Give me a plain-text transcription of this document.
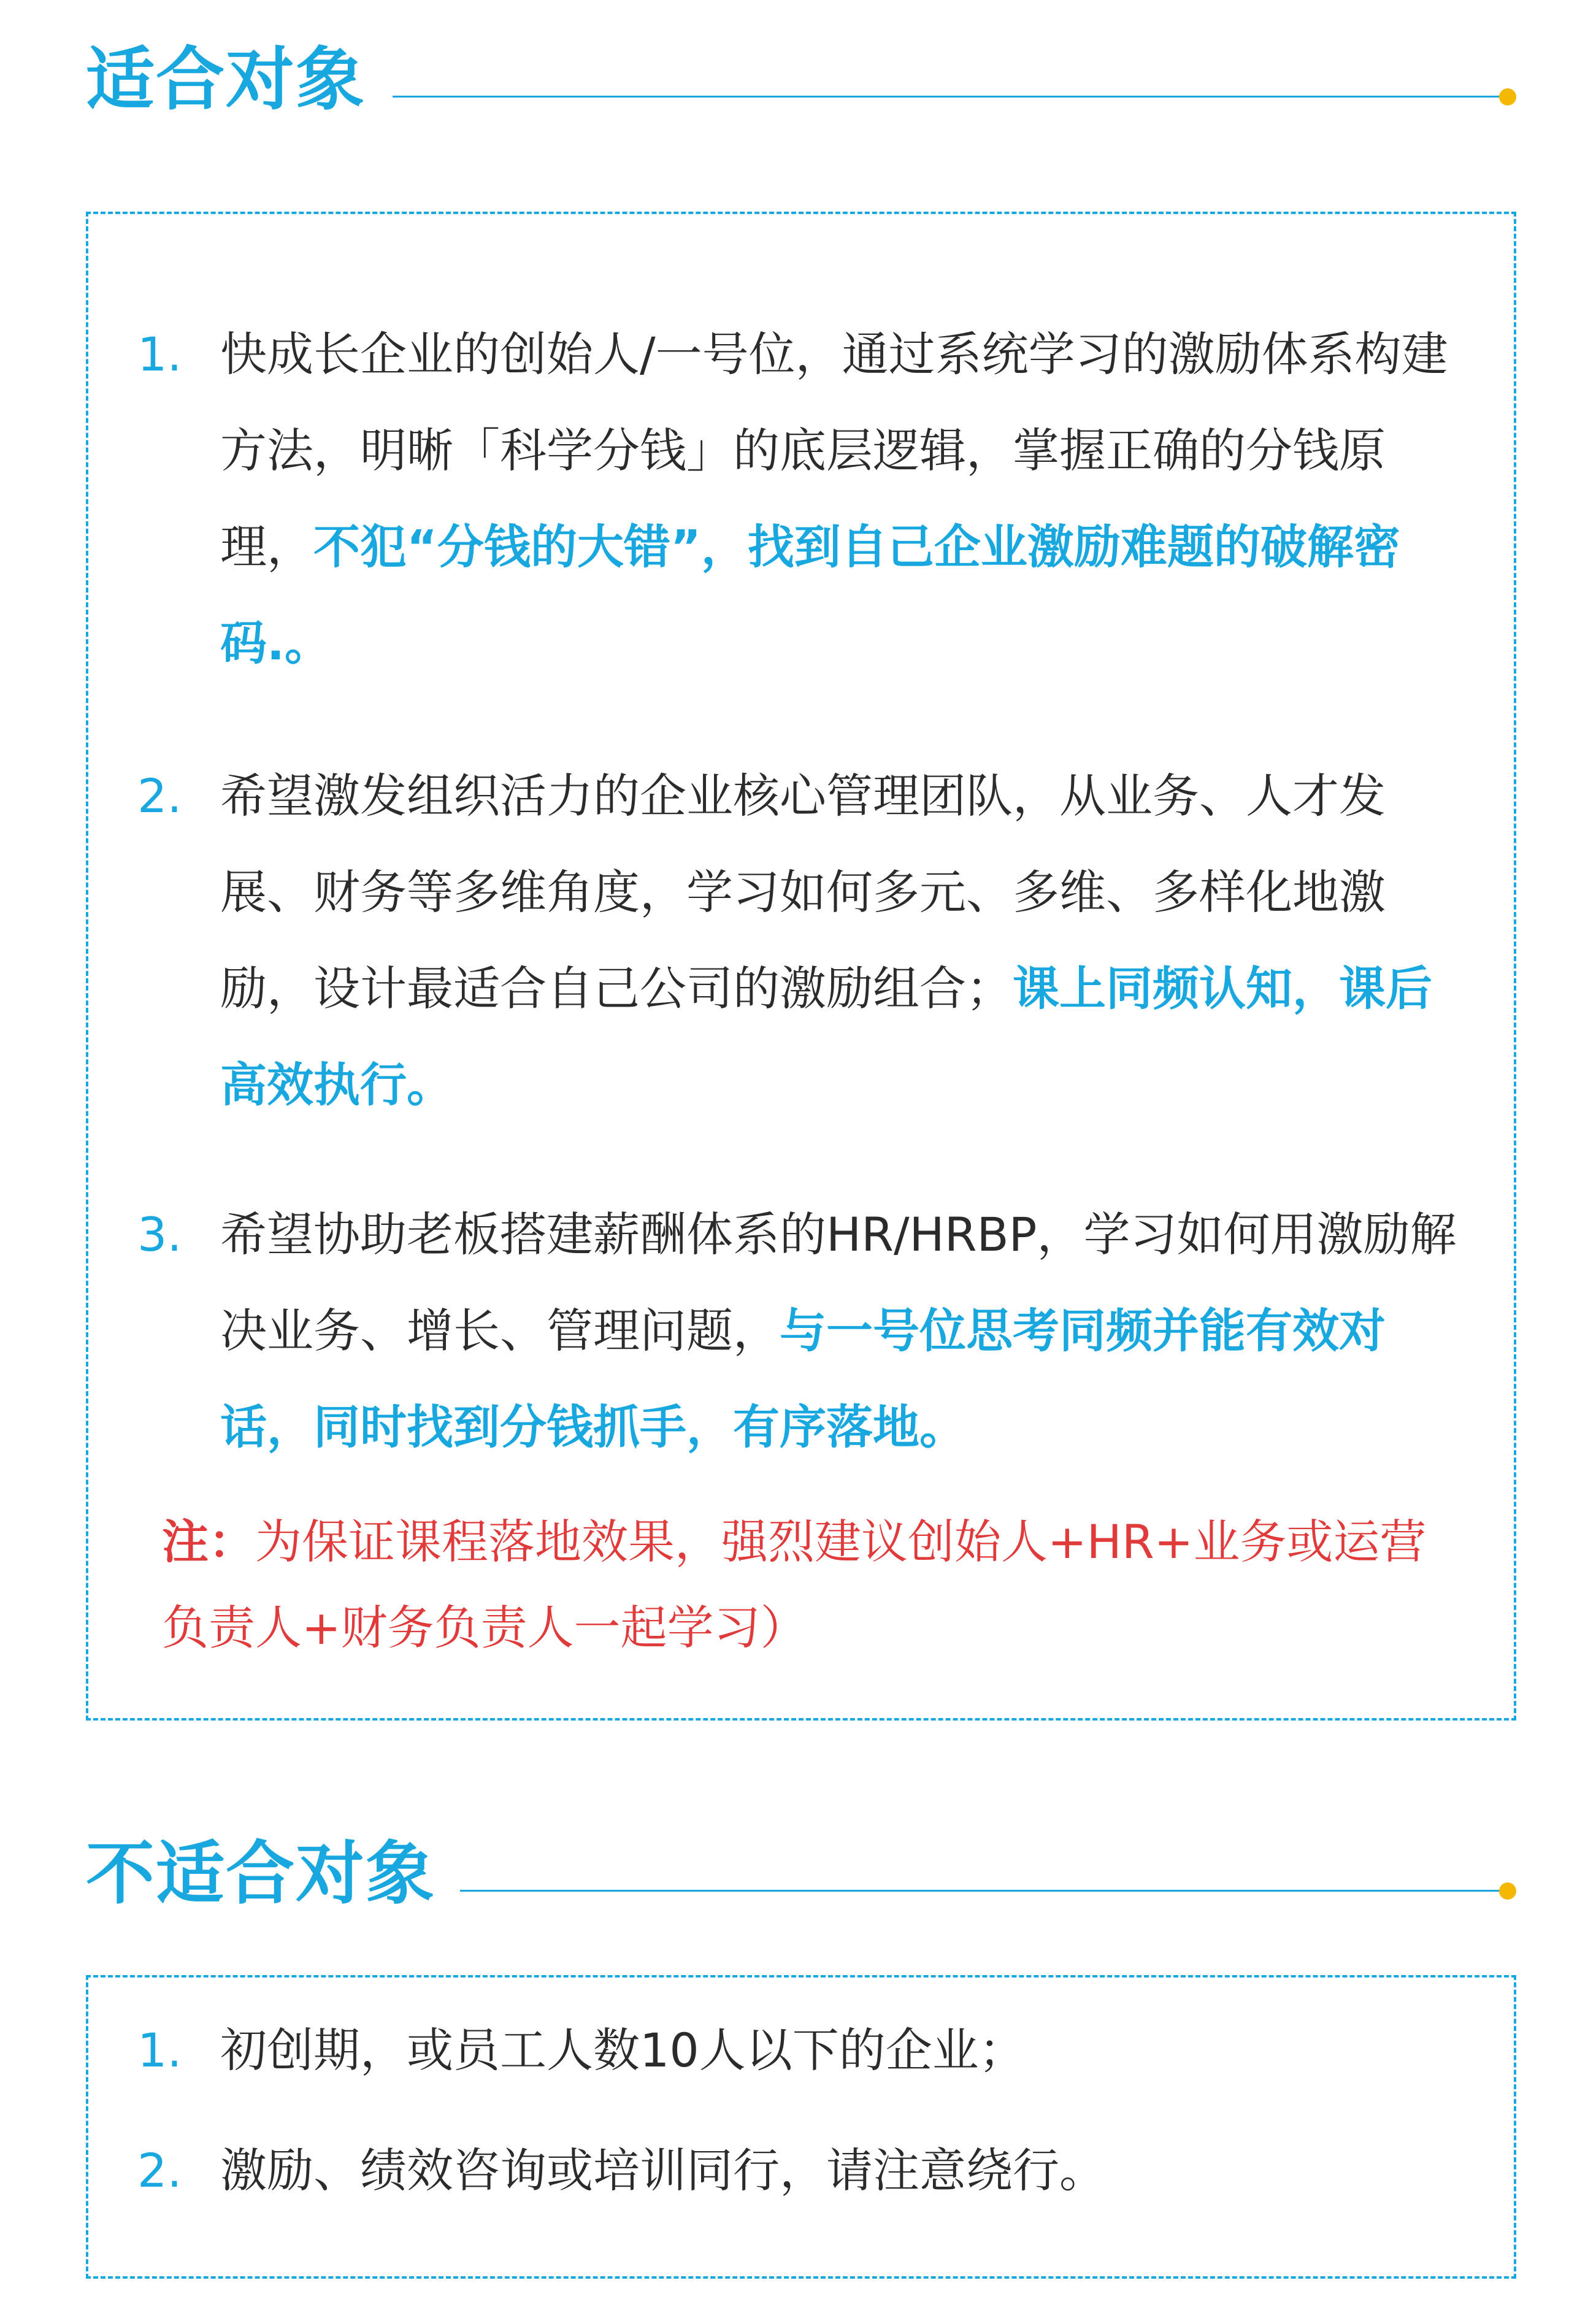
适合对象
1. 快成长企业的创始人/一号位，通过系统学习的激励体系构建方法，明晰「科学分钱」的底层逻辑，掌握正确的分钱原理，不犯“分钱的大错”，找到自己企业激励难题的破解密码.。
2. 希望激发组织活力的企业核心管理团队，从业务、人才发展、财务等多维角度，学习如何多元、多维、多样化地激励，设计最适合自己公司的激励组合；课上同频认知，课后高效执行。
3. 希望协助老板搭建薪酬体系的HR/HRBP，学习如何用激励解决业务、增长、管理问题，与一号位思考同频并能有效对话，同时找到分钱抓手，有序落地。
注：为保证课程落地效果，强烈建议创始人+HR+业务或运营负责人+财务负责人一起学习）
不适合对象
1. 初创期，或员工人数10人以下的企业；
2. 激励、绩效咨询或培训同行，请注意绕行。
